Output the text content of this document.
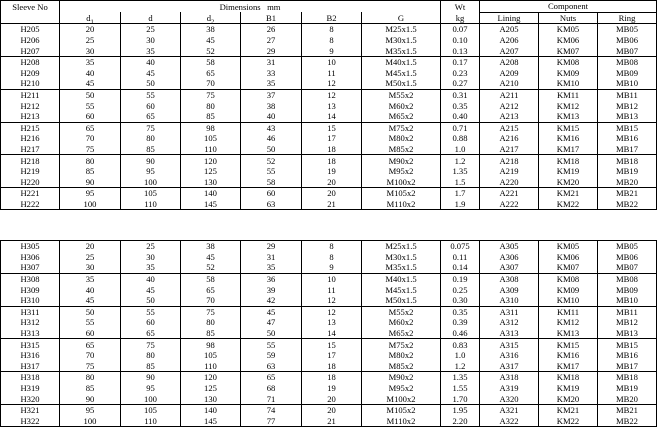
Sleeve No	Dimensions mm						Wt	Component		
	$d_1$	d	$d_2$	B1	B2	G	kg	Lining	Nuts	Ring
H205	20	25	38	26	8	M25x1.5	0.07	A205	KM05	MB05
H206	25	30	45	27	8	M30x1.5	0.10	A206	KM06	MB06
H207	30	35	52	29	9	M35x1.5	0.13	A207	KM07	MB07
H208	35	40	58	31	10	M40x1.5	0.17	A208	KM08	MB08
H209	40	45	65	33	11	M45x1.5	0.23	A209	KM09	MB09
H210	45	50	70	35	12	M50x1.5	0.27	A210	KM10	MB10
H211	50	55	75	37	12	M55x2	0.31	A211	KM11	MB11
H212	55	60	80	38	13	M60x2	0.35	A212	KM12	MB12
H213	60	65	85	40	14	M65x2	0.40	A213	KM13	MB13
H215	65	75	98	43	15	M75x2	0.71	A215	KM15	MB15
H216	70	80	105	46	17	M80x2	0.88	A216	KM16	MB16
H217	75	85	110	50	18	M85x2	1.0	A217	KM17	MB17
H218	80	90	120	52	18	M90x2	1.2	A218	KM18	MB18
H219	85	95	125	55	19	M95x2	1.35	A219	KM19	MB19
H220	90	100	130	58	20	M100x2	1.5	A220	KM20	MB20
H221	95	105	140	60	20	M105x2	1.7	A221	KM21	MB21
H222	100	110	145	63	21	M110x2	1.9	A222	KM22	MB22
H305	20	25	38	29	8	M25x1.5	0.075	A305	KM05	MB05
H306	25	30	45	31	8	M30x1.5	0.11	A306	KM06	MB06
H307	30	35	52	35	9	M35x1.5	0.14	A307	KM07	MB07
H308	35	40	58	36	10	M40x1.5	0.19	A308	KM08	MB08
H309	40	45	65	39	11	M45x1.5	0.25	A309	KM09	MB09
H310	45	50	70	42	12	M50x1.5	0.30	A310	KM10	MB10
H311	50	55	75	45	12	M55x2	0.35	A311	KM11	MB11
H312	55	60	80	47	13	M60x2	0.39	A312	KM12	MB12
H313	60	65	85	50	14	M65x2	0.46	A313	KM13	MB13
H315	65	75	98	55	15	M75x2	0.83	A315	KM15	MB15
H316	70	80	105	59	17	M80x2	1.0	A316	KM16	MB16
H317	75	85	110	63	18	M85x2	1.2	A317	KM17	MB17
H318	80	90	120	65	18	M90x2	1.35	A318	KM18	MB18
H319	85	95	125	68	19	M95x2	1.55	A319	KM19	MB19
H320	90	100	130	71	20	M100x2	1.70	A320	KM20	MB20
H321	95	105	140	74	20	M105x2	1.95	A321	KM21	MB21
H322	100	110	145	77	21	M110x2	2.20	A322	KM22	MB22
